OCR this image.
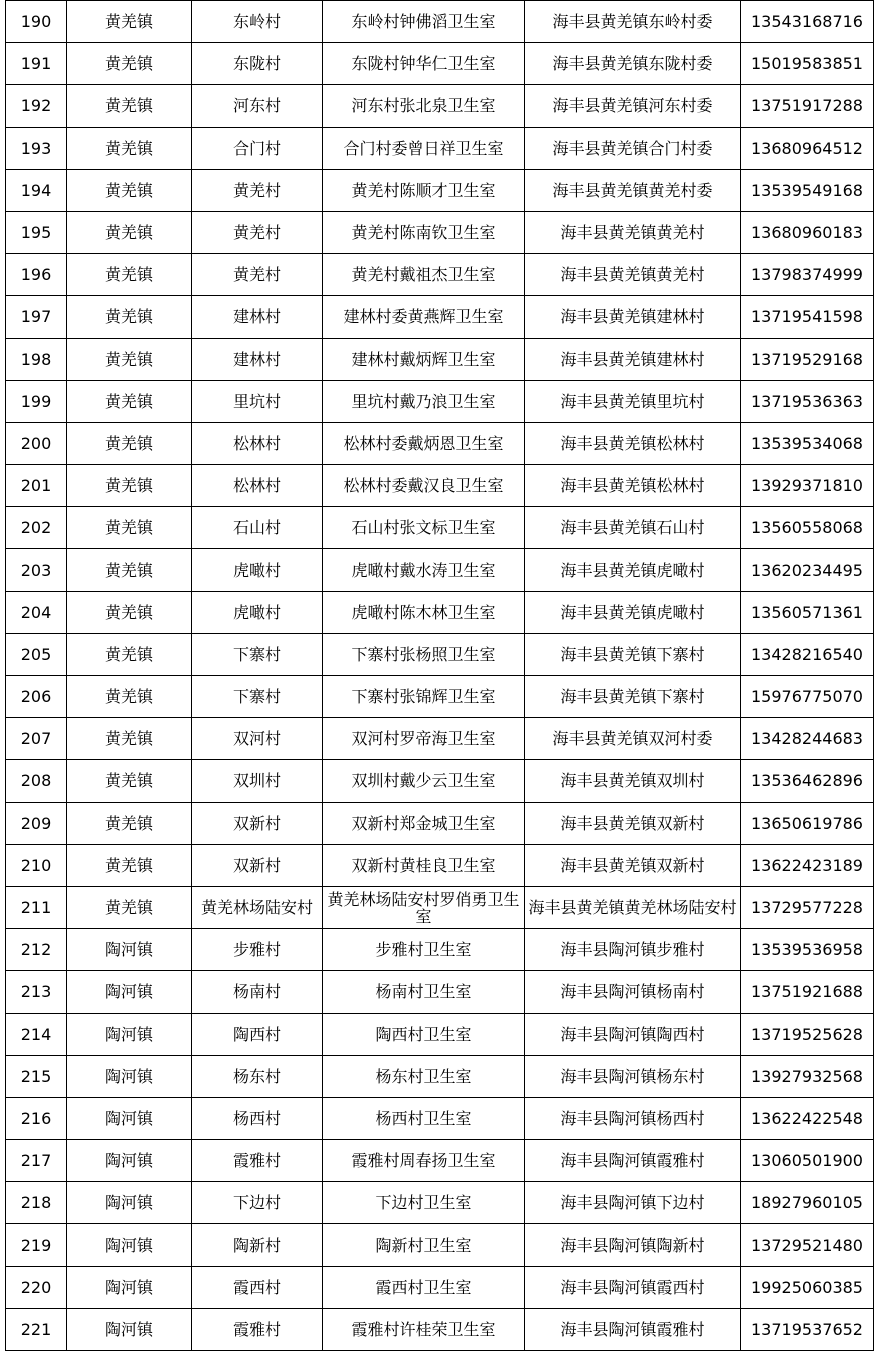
190	黄羌镇	东岭村	东岭村钟佛滔卫生室	海丰县黄羌镇东岭村委	13543168716
191	黄羌镇	东陇村	东陇村钟华仁卫生室	海丰县黄羌镇东陇村委	15019583851
192	黄羌镇	河东村	河东村张北泉卫生室	海丰县黄羌镇河东村委	13751917288
193	黄羌镇	合门村	合门村委曾日祥卫生室	海丰县黄羌镇合门村委	13680964512
194	黄羌镇	黄羌村	黄羌村陈顺才卫生室	海丰县黄羌镇黄羌村委	13539549168
195	黄羌镇	黄羌村	黄羌村陈南钦卫生室	海丰县黄羌镇黄羌村	13680960183
196	黄羌镇	黄羌村	黄羌村戴祖杰卫生室	海丰县黄羌镇黄羌村	13798374999
197	黄羌镇	建林村	建林村委黄燕辉卫生室	海丰县黄羌镇建林村	13719541598
198	黄羌镇	建林村	建林村戴炳辉卫生室	海丰县黄羌镇建林村	13719529168
199	黄羌镇	里坑村	里坑村戴乃浪卫生室	海丰县黄羌镇里坑村	13719536363
200	黄羌镇	松林村	松林村委戴炳恩卫生室	海丰县黄羌镇松林村	13539534068
201	黄羌镇	松林村	松林村委戴汉良卫生室	海丰县黄羌镇松林村	13929371810
202	黄羌镇	石山村	石山村张文标卫生室	海丰县黄羌镇石山村	13560558068
203	黄羌镇	虎噉村	虎噉村戴水涛卫生室	海丰县黄羌镇虎噉村	13620234495
204	黄羌镇	虎噉村	虎噉村陈木林卫生室	海丰县黄羌镇虎噉村	13560571361
205	黄羌镇	下寨村	下寨村张杨照卫生室	海丰县黄羌镇下寨村	13428216540
206	黄羌镇	下寨村	下寨村张锦辉卫生室	海丰县黄羌镇下寨村	15976775070
207	黄羌镇	双河村	双河村罗帝海卫生室	海丰县黄羌镇双河村委	13428244683
208	黄羌镇	双圳村	双圳村戴少云卫生室	海丰县黄羌镇双圳村	13536462896
209	黄羌镇	双新村	双新村郑金城卫生室	海丰县黄羌镇双新村	13650619786
210	黄羌镇	双新村	双新村黄桂良卫生室	海丰县黄羌镇双新村	13622423189
211	黄羌镇	黄羌林场陆安村	黄羌林场陆安村罗俏勇卫生室	海丰县黄羌镇黄羌林场陆安村	13729577228
212	陶河镇	步雅村	步雅村卫生室	海丰县陶河镇步雅村	13539536958
213	陶河镇	杨南村	杨南村卫生室	海丰县陶河镇杨南村	13751921688
214	陶河镇	陶西村	陶西村卫生室	海丰县陶河镇陶西村	13719525628
215	陶河镇	杨东村	杨东村卫生室	海丰县陶河镇杨东村	13927932568
216	陶河镇	杨西村	杨西村卫生室	海丰县陶河镇杨西村	13622422548
217	陶河镇	霞雅村	霞雅村周春扬卫生室	海丰县陶河镇霞雅村	13060501900
218	陶河镇	下边村	下边村卫生室	海丰县陶河镇下边村	18927960105
219	陶河镇	陶新村	陶新村卫生室	海丰县陶河镇陶新村	13729521480
220	陶河镇	霞西村	霞西村卫生室	海丰县陶河镇霞西村	19925060385
221	陶河镇	霞雅村	霞雅村许桂荣卫生室	海丰县陶河镇霞雅村	13719537652
